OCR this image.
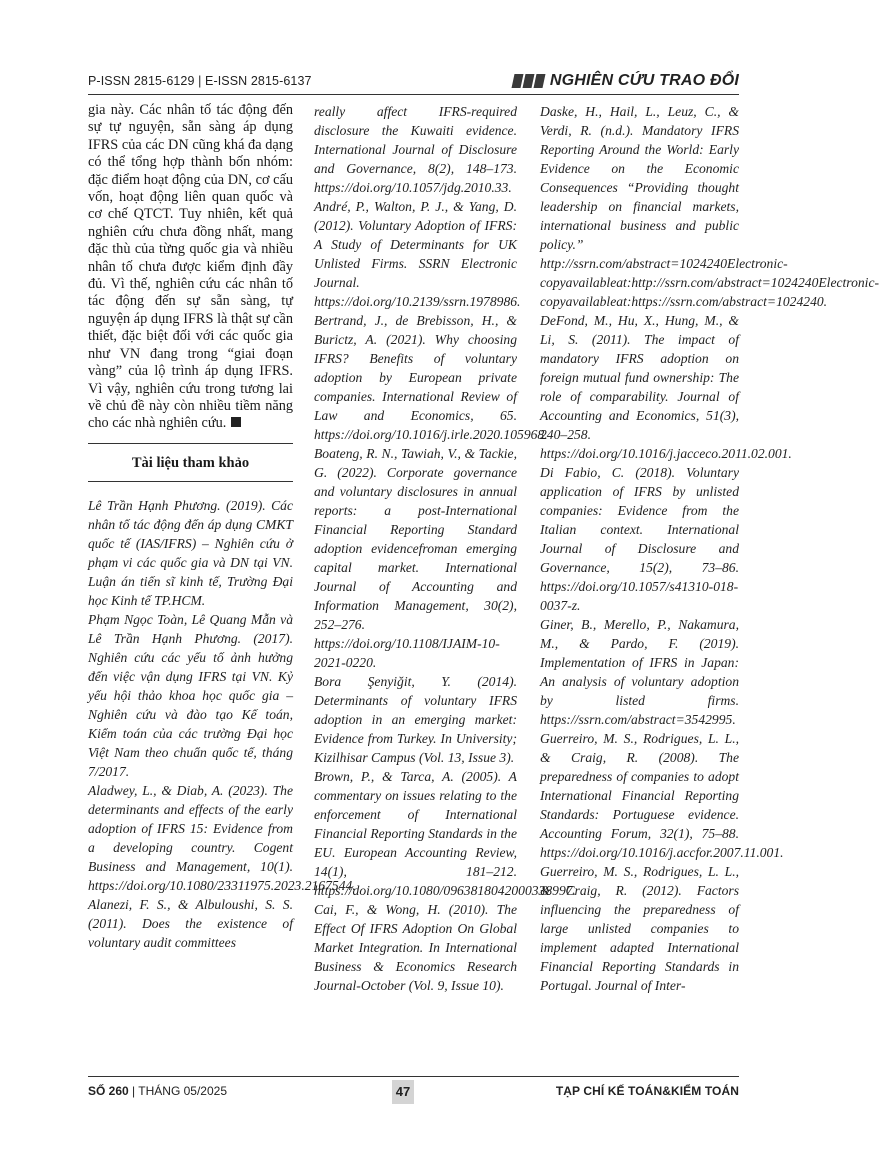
P-ISSN 2815-6129 | E-ISSN 2815-6137	NGHIÊN CỨU TRAO ĐỔI

gia này. Các nhân tố tác động đến sự tự nguyện, sẵn sàng áp dụng IFRS của các DN cũng khá đa dạng có thể tổng hợp thành bốn nhóm: đặc điểm hoạt động của DN, cơ cấu vốn, hoạt động liên quan quốc và cơ chế QTCT. Tuy nhiên, kết quả nghiên cứu chưa đồng nhất, mang đặc thù của từng quốc gia và nhiều nhân tố chưa được kiểm định đầy đủ. Vì thế, nghiên cứu các nhân tố tác động đến sự sẵn sàng, tự nguyện áp dụng IFRS là thật sự cần thiết, đặc biệt đối với các quốc gia như VN đang trong “giai đoạn vàng” của lộ trình áp dụng IFRS. Vì vậy, nghiên cứu trong tương lai về chủ đề này còn nhiều tiềm năng cho các nhà nghiên cứu.

Tài liệu tham khảo

Lê Trần Hạnh Phương. (2019). Các nhân tố tác động đến áp dụng CMKT quốc tế (IAS/IFRS) – Nghiên cứu ở phạm vi các quốc gia và DN tại VN. Luận án tiến sĩ kinh tế, Trường Đại học Kinh tế TP.HCM.

Phạm Ngọc Toàn, Lê Quang Mẫn và Lê Trần Hạnh Phương. (2017). Nghiên cứu các yếu tố ảnh hưởng đến việc vận dụng IFRS tại VN. Kỷ yếu hội thảo khoa học quốc gia – Nghiên cứu và đào tạo Kế toán, Kiểm toán của các trường Đại học Việt Nam theo chuẩn quốc tế, tháng 7/2017.

Aladwey, L., & Diab, A. (2023). The determinants and effects of the early adoption of IFRS 15: Evidence from a developing country. Cogent Business and Management, 10(1). https://doi.org/10.1080/23311975.2023.2167544.

Alanezi, F. S., & Albuloushi, S. S. (2011). Does the existence of voluntary audit committees

really affect IFRS-required disclosure the Kuwaiti evidence. International Journal of Disclosure and Governance, 8(2), 148–173. https://doi.org/10.1057/jdg.2010.33.

André, P., Walton, P. J., & Yang, D. (2012). Voluntary Adoption of IFRS: A Study of Determinants for UK Unlisted Firms. SSRN Electronic Journal. https://doi.org/10.2139/ssrn.1978986.

Bertrand, J., de Brebisson, H., & Burictz, A. (2021). Why choosing IFRS? Benefits of voluntary adoption by European private companies. International Review of Law and Economics, 65. https://doi.org/10.1016/j.irle.2020.105968.

Boateng, R. N., Tawiah, V., & Tackie, G. (2022). Corporate governance and voluntary disclosures in annual reports: a post-International Financial Reporting Standard adoption evidencefroman emerging capital market. International Journal of Accounting and Information Management, 30(2), 252–276. https://doi.org/10.1108/IJAIM-10-2021-0220.

Bora Şenyiğit, Y. (2014). Determinants of voluntary IFRS adoption in an emerging market: Evidence from Turkey. In University; Kizilhisar Campus (Vol. 13, Issue 3).

Brown, P., & Tarca, A. (2005). A commentary on issues relating to the enforcement of International Financial Reporting Standards in the EU. European Accounting Review, 14(1), 181–212. https://doi.org/10.1080/0963818042000338997.

Cai, F., & Wong, H. (2010). The Effect Of IFRS Adoption On Global Market Integration. In International Business & Economics Research Journal-October (Vol. 9, Issue 10).

Daske, H., Hail, L., Leuz, C., & Verdi, R. (n.d.). Mandatory IFRS Reporting Around the World: Early Evidence on the Economic Consequences “Providing thought leadership on financial markets, international business and public policy.” http://ssrn.com/abstract=1024240Electronic-copyavailableat:http://ssrn.com/abstract=1024240Electronic-copyavailableat:https://ssrn.com/abstract=1024240.

DeFond, M., Hu, X., Hung, M., & Li, S. (2011). The impact of mandatory IFRS adoption on foreign mutual fund ownership: The role of comparability. Journal of Accounting and Economics, 51(3), 240–258. https://doi.org/10.1016/j.jacceco.2011.02.001.

Di Fabio, C. (2018). Voluntary application of IFRS by unlisted companies: Evidence from the Italian context. International Journal of Disclosure and Governance, 15(2), 73–86. https://doi.org/10.1057/s41310-018-0037-z.

Giner, B., Merello, P., Nakamura, M., & Pardo, F. (2019). Implementation of IFRS in Japan: An analysis of voluntary adoption by listed firms. https://ssrn.com/abstract=3542995.

Guerreiro, M. S., Rodrigues, L. L., & Craig, R. (2008). The preparedness of companies to adopt International Financial Reporting Standards: Portuguese evidence. Accounting Forum, 32(1), 75–88. https://doi.org/10.1016/j.accfor.2007.11.001.

Guerreiro, M. S., Rodrigues, L. L., & Craig, R. (2012). Factors influencing the preparedness of large unlisted companies to implement adapted International Financial Reporting Standards in Portugal. Journal of Inter-

SỐ 260 | THÁNG 05/2025	47	TẠP CHÍ KẾ TOÁN&KIỂM TOÁN
